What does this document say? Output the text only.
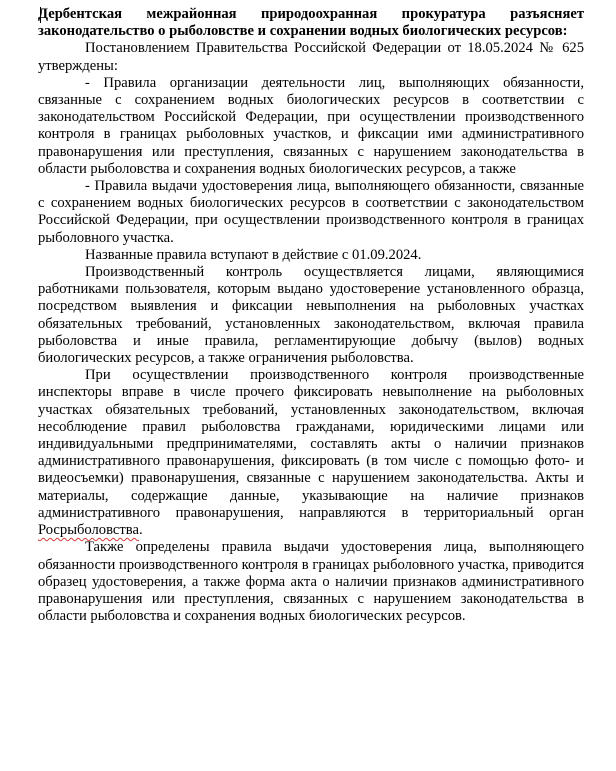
Дербентская межрайонная природоохранная прокуратура разъясняет законодательство о рыболовстве и сохранении водных биологических ресурсов:

Постановлением Правительства Российской Федерации от 18.05.2024 № 625 утверждены:

- Правила организации деятельности лиц, выполняющих обязанности, связанные с сохранением водных биологических ресурсов в соответствии с законодательством Российской Федерации, при осуществлении производственного контроля в границах рыболовных участков, и фиксации ими административного правонарушения или преступления, связанных с нарушением законодательства в области рыболовства и сохранения водных биологических ресурсов, а также

- Правила выдачи удостоверения лица, выполняющего обязанности, связанные с сохранением водных биологических ресурсов в соответствии с законодательством Российской Федерации, при осуществлении производственного контроля в границах рыболовного участка.

Названные правила вступают в действие с 01.09.2024.

Производственный контроль осуществляется лицами, являющимися работниками пользователя, которым выдано удостоверение установленного образца, посредством выявления и фиксации невыполнения на рыболовных участках обязательных требований, установленных законодательством, включая правила рыболовства и иные правила, регламентирующие добычу (вылов) водных биологических ресурсов, а также ограничения рыболовства.

При осуществлении производственного контроля производственные инспекторы вправе в числе прочего фиксировать невыполнение на рыболовных участках обязательных требований, установленных законодательством, включая несоблюдение правил рыболовства гражданами, юридическими лицами или индивидуальными предпринимателями, составлять акты о наличии признаков административного правонарушения, фиксировать (в том числе с помощью фото- и видеосъемки) правонарушения, связанные с нарушением законодательства. Акты и материалы, содержащие данные, указывающие на наличие признаков административного правонарушения, направляются в территориальный орган Росрыболовства.

Также определены правила выдачи удостоверения лица, выполняющего обязанности производственного контроля в границах рыболовного участка, приводится образец удостоверения, а также форма акта о наличии признаков административного правонарушения или преступления, связанных с нарушением законодательства в области рыболовства и сохранения водных биологических ресурсов.
